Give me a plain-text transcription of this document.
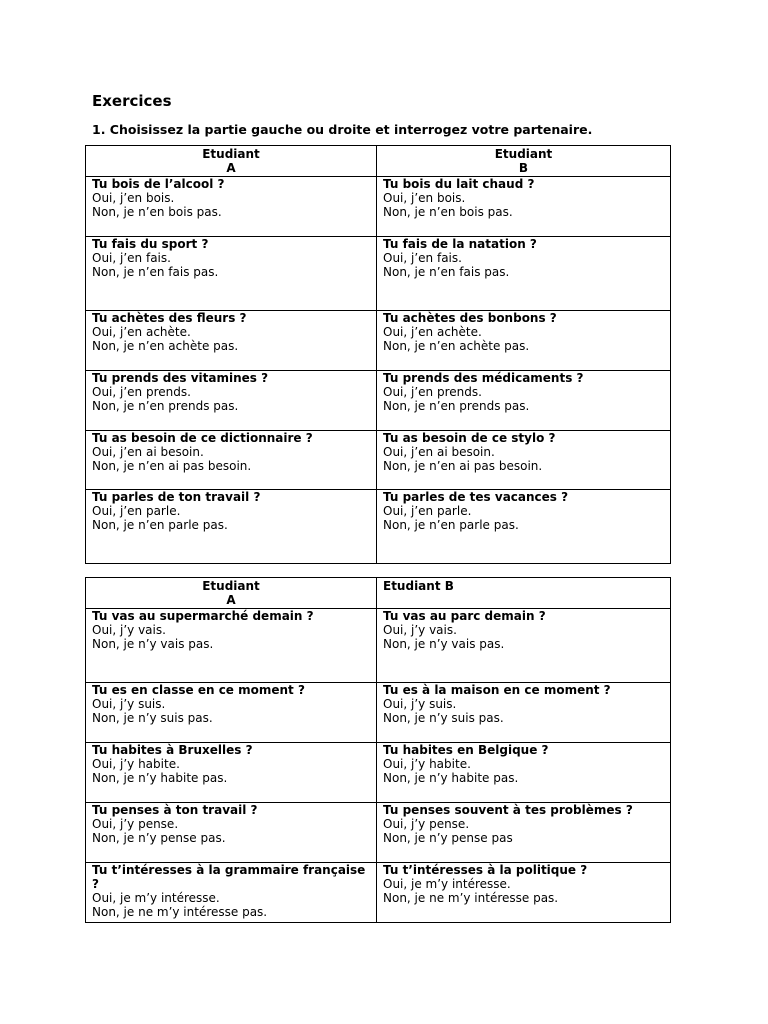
Exercices
1. Choisissez la partie gauche ou droite et interrogez votre partenaire.
Etudiant
A	Etudiant
B

Tu bois de l’alcool ?
Oui, j’en bois.
Non, je n’en bois pas.	Tu bois du lait chaud ?
Oui, j’en bois.
Non, je n’en bois pas.

Tu fais du sport ?
Oui, j’en fais.
Non, je n’en fais pas.	Tu fais de la natation ?
Oui, j’en fais.
Non, je n’en fais pas.

Tu achètes des fleurs ?
Oui, j’en achète.
Non, je n’en achète pas.	Tu achètes des bonbons ?
Oui, j’en achète.
Non, je n’en achète pas.

Tu prends des vitamines ?
Oui, j’en prends.
Non, je n’en prends pas.	Tu prends des médicaments ?
Oui, j’en prends.
Non, je n’en prends pas.

Tu as besoin de ce dictionnaire ?
Oui, j’en ai besoin.
Non, je n’en ai pas besoin.	Tu as besoin de ce stylo ?
Oui, j’en ai besoin.
Non, je n’en ai pas besoin.

Tu parles de ton travail ?
Oui, j’en parle.
Non, je n’en parle pas.	Tu parles de tes vacances ?
Oui, j’en parle.
Non, je n’en parle pas.
Etudiant
A	Etudiant B

Tu vas au supermarché demain ?
Oui, j’y vais.
Non, je n’y vais pas.	Tu vas au parc demain ?
Oui, j’y vais.
Non, je n’y vais pas.

Tu es en classe en ce moment ?
Oui, j’y suis.
Non, je n’y suis pas.	Tu es à la maison en ce moment ?
Oui, j’y suis.
Non, je n’y suis pas.

Tu habites à Bruxelles ?
Oui, j’y habite.
Non, je n’y habite pas.	Tu habites en Belgique ?
Oui, j’y habite.
Non, je n’y habite pas.

Tu penses à ton travail ?
Oui, j’y pense.
Non, je n’y pense pas.	Tu penses souvent à tes problèmes ?
Oui, j’y pense.
Non, je n’y pense pas

Tu t’intéresses à la grammaire française ?
Oui, je m’y intéresse.
Non, je ne m’y intéresse pas.	Tu t’intéresses à la politique ?
Oui, je m’y intéresse.
Non, je ne m’y intéresse pas.
